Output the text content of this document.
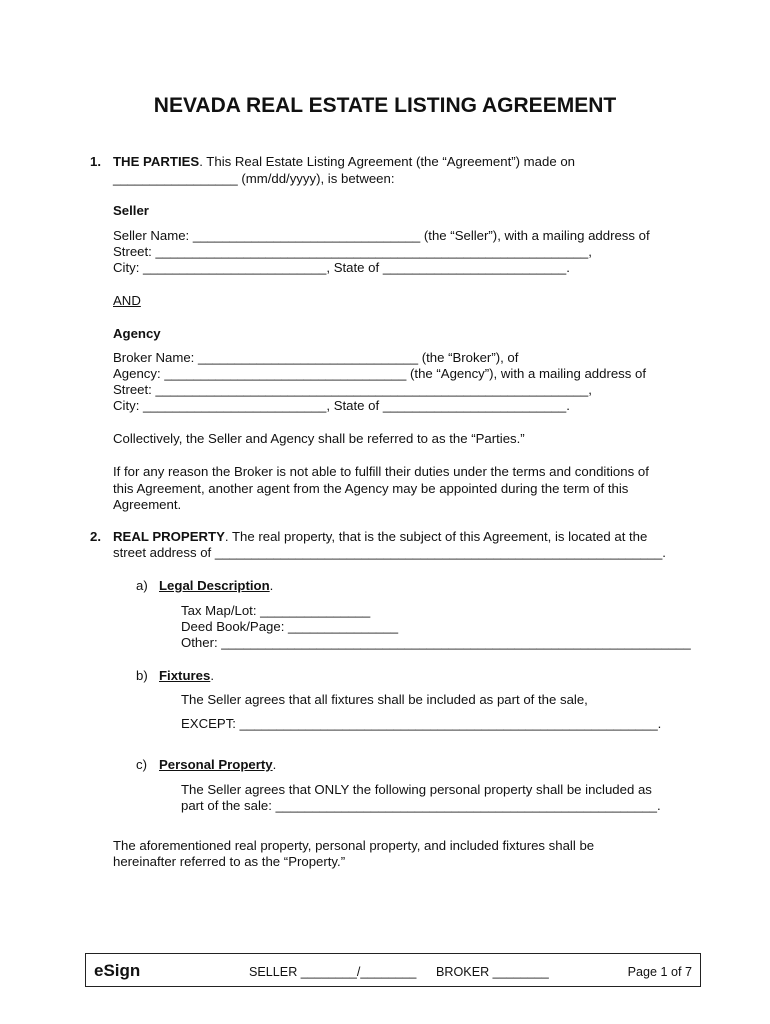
NEVADA REAL ESTATE LISTING AGREEMENT
1. THE PARTIES. This Real Estate Listing Agreement (the “Agreement”) made on
_________________ (mm/dd/yyyy), is between:
Seller
Seller Name: _______________________________ (the “Seller”), with a mailing address of
Street: ___________________________________________________________,
City: _________________________, State of _________________________.
AND
Agency
Broker Name: ______________________________ (the “Broker”), of
Agency: _________________________________ (the “Agency”), with a mailing address of
Street: ___________________________________________________________,
City: _________________________, State of _________________________.
Collectively, the Seller and Agency shall be referred to as the “Parties.”
If for any reason the Broker is not able to fulfill their duties under the terms and conditions of
this Agreement, another agent from the Agency may be appointed during the term of this
Agreement.
2. REAL PROPERTY. The real property, that is the subject of this Agreement, is located at the
street address of _____________________________________________________________.
a) Legal Description.
Tax Map/Lot: _______________
Deed Book/Page: _______________
Other: ________________________________________________________________
b) Fixtures.
The Seller agrees that all fixtures shall be included as part of the sale,
EXCEPT: _________________________________________________________.
c) Personal Property.
The Seller agrees that ONLY the following personal property shall be included as
part of the sale: ____________________________________________________.
The aforementioned real property, personal property, and included fixtures shall be
hereinafter referred to as the “Property.”
eSign	SELLER ________/________ BROKER ________	Page 1 of 7
